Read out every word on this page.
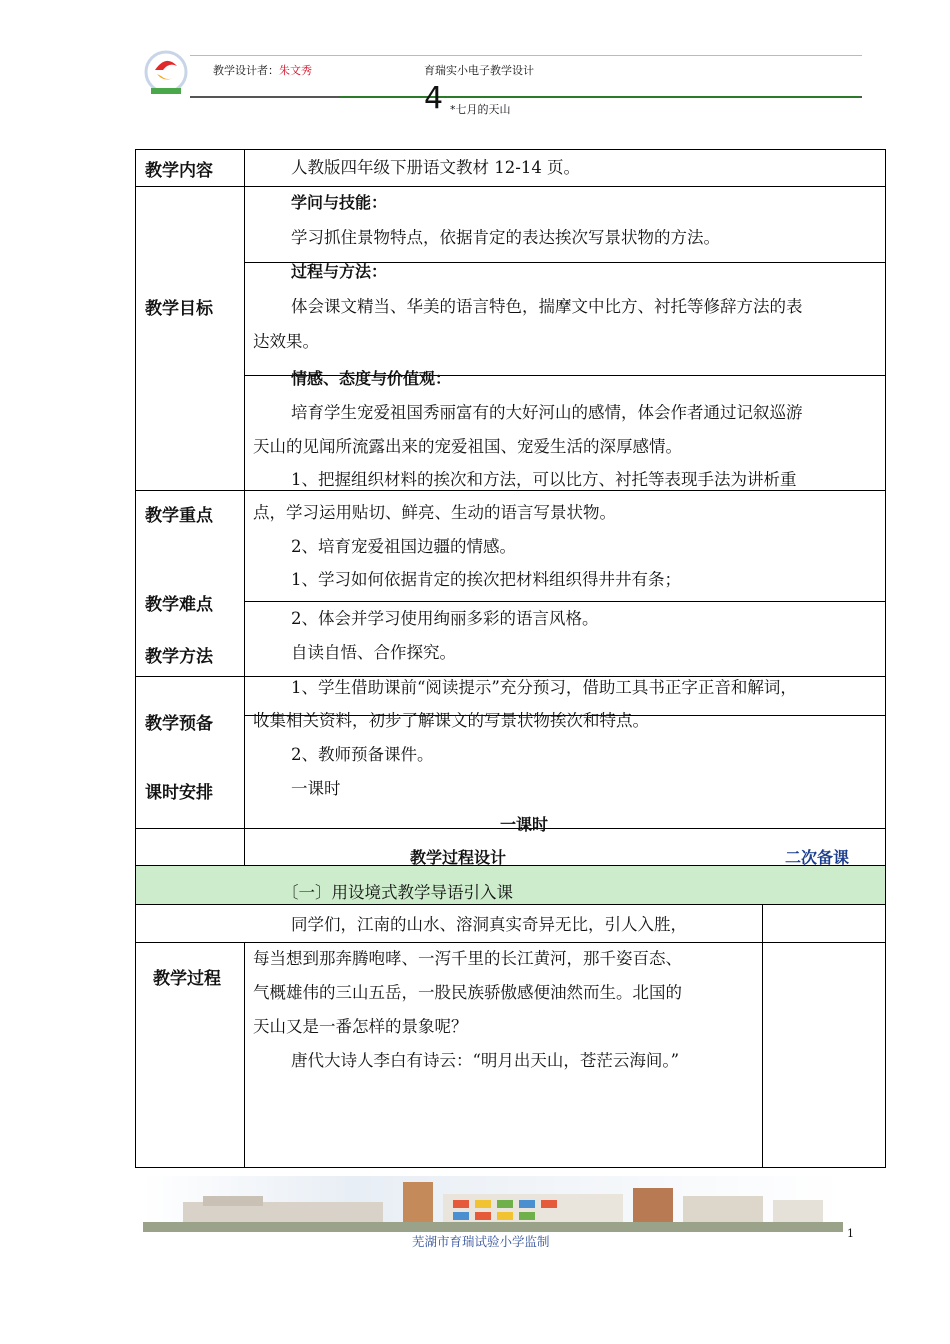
教学设计者：朱文秀	育瑞实小电子教学设计
4 *七月的天山
教学内容
教学目标
教学重点
教学难点
教学方法
教学预备
课时安排
教学过程
人教版四年级下册语文教材 12-14 页。
学问与技能：
学习抓住景物特点，依据肯定的表达挨次写景状物的方法。
过程与方法：
体会课文精当、华美的语言特色，揣摩文中比方、衬托等修辞方法的表
达效果。
情感、态度与价值观：
培育学生宠爱祖国秀丽富有的大好河山的感情，体会作者通过记叙巡游
天山的见闻所流露出来的宠爱祖国、宠爱生活的深厚感情。
1、把握组织材料的挨次和方法，可以比方、衬托等表现手法为讲析重
点，学习运用贴切、鲜亮、生动的语言写景状物。
2、培育宠爱祖国边疆的情感。
1、学习如何依据肯定的挨次把材料组织得井井有条；
2、体会并学习使用绚丽多彩的语言风格。
自读自悟、合作探究。
1、学生借助课前“阅读提示”充分预习，借助工具书正字正音和解词，
收集相关资料，初步了解课文的写景状物挨次和特点。
2、教师预备课件。
一课时
一课时
教学过程设计	二次备课
〔一〕用设境式教学导语引入课
同学们，江南的山水、溶洞真实奇异无比，引人入胜，
每当想到那奔腾咆哮、一泻千里的长江黄河，那千姿百态、
气概雄伟的三山五岳，一股民族骄傲感便油然而生。北国的
天山又是一番怎样的景象呢？
唐代大诗人李白有诗云：“明月出天山，苍茫云海间。”
1
芜湖市育瑞试验小学监制
